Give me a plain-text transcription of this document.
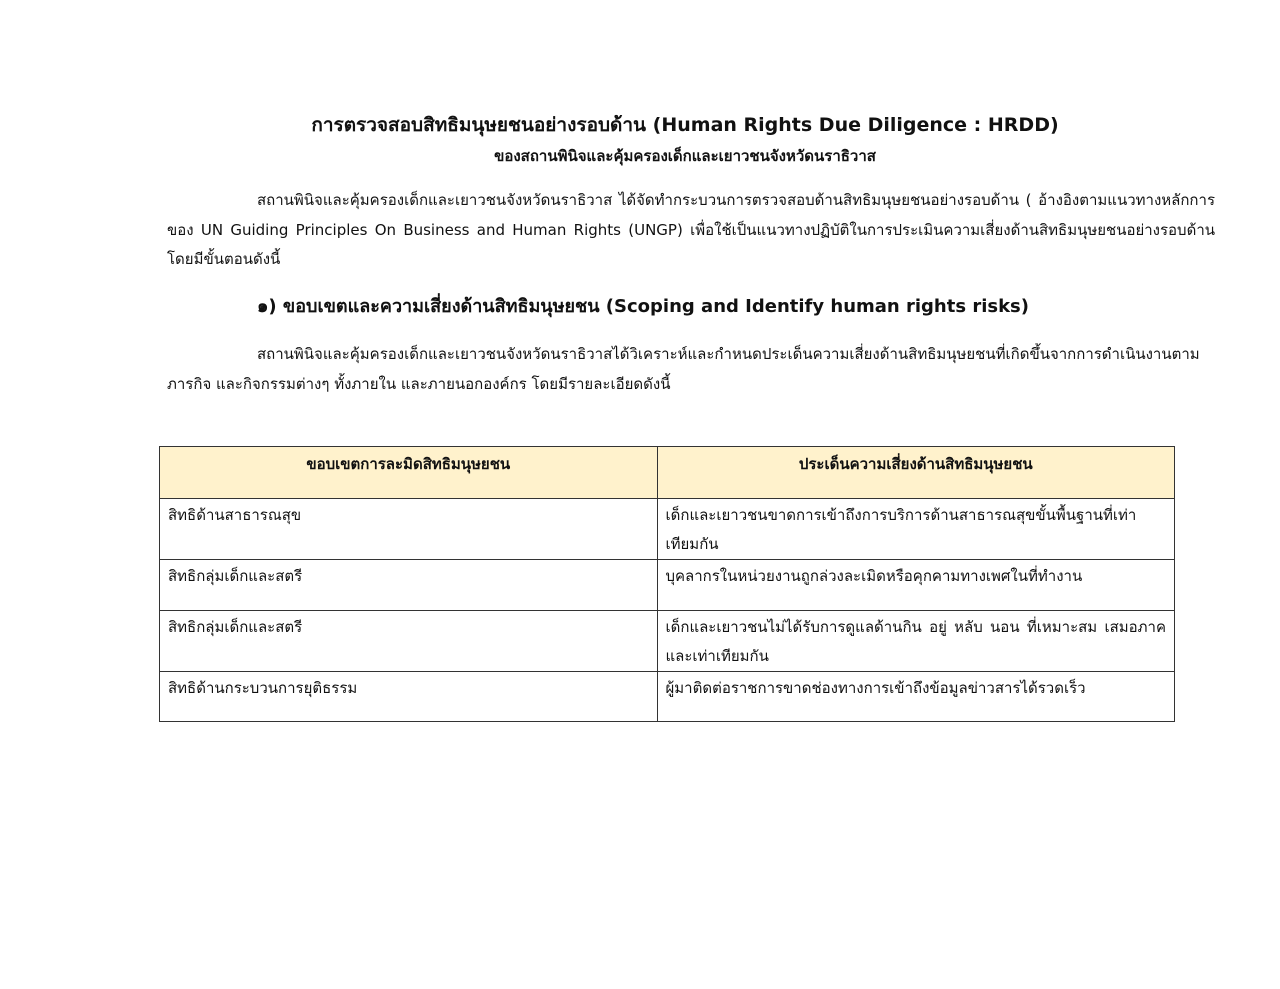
การตรวจสอบสิทธิมนุษยชนอย่างรอบด้าน (Human Rights Due Diligence : HRDD)
ของสถานพินิจและคุ้มครองเด็กและเยาวชนจังหวัดนราธิวาส

สถานพินิจและคุ้มครองเด็กและเยาวชนจังหวัดนราธิวาส ได้จัดทำกระบวนการตรวจสอบด้านสิทธิมนุษยชนอย่างรอบด้าน ( อ้างอิงตามแนวทางหลักการของ UN Guiding Principles On Business and Human Rights (UNGP) เพื่อใช้เป็นแนวทางปฏิบัติในการประเมินความเสี่ยงด้านสิทธิมนุษยชนอย่างรอบด้าน โดยมีขั้นตอนดังนี้

๑) ขอบเขตและความเสี่ยงด้านสิทธิมนุษยชน (Scoping and Identify human rights risks)

สถานพินิจและคุ้มครองเด็กและเยาวชนจังหวัดนราธิวาสได้วิเคราะห์และกำหนดประเด็นความเสี่ยงด้านสิทธิมนุษยชนที่เกิดขึ้นจากการดำเนินงานตามภารกิจ และกิจกรรมต่างๆ ทั้งภายใน และภายนอกองค์กร โดยมีรายละเอียดดังนี้

ขอบเขตการละมิดสิทธิมนุษยชน	ประเด็นความเสี่ยงด้านสิทธิมนุษยชน
สิทธิด้านสาธารณสุข	เด็กและเยาวชนขาดการเข้าถึงการบริการด้านสาธารณสุขขั้นพื้นฐานที่เท่าเทียมกัน
สิทธิกลุ่มเด็กและสตรี	บุคลากรในหน่วยงานถูกล่วงละเมิดหรือคุกคามทางเพศในที่ทำงาน
สิทธิกลุ่มเด็กและสตรี	เด็กและเยาวชนไม่ได้รับการดูแลด้านกิน อยู่ หลับ นอน ที่เหมาะสม เสมอภาคและเท่าเทียมกัน
สิทธิด้านกระบวนการยุติธรรม	ผู้มาติดต่อราชการขาดช่องทางการเข้าถึงข้อมูลข่าวสารได้รวดเร็ว
